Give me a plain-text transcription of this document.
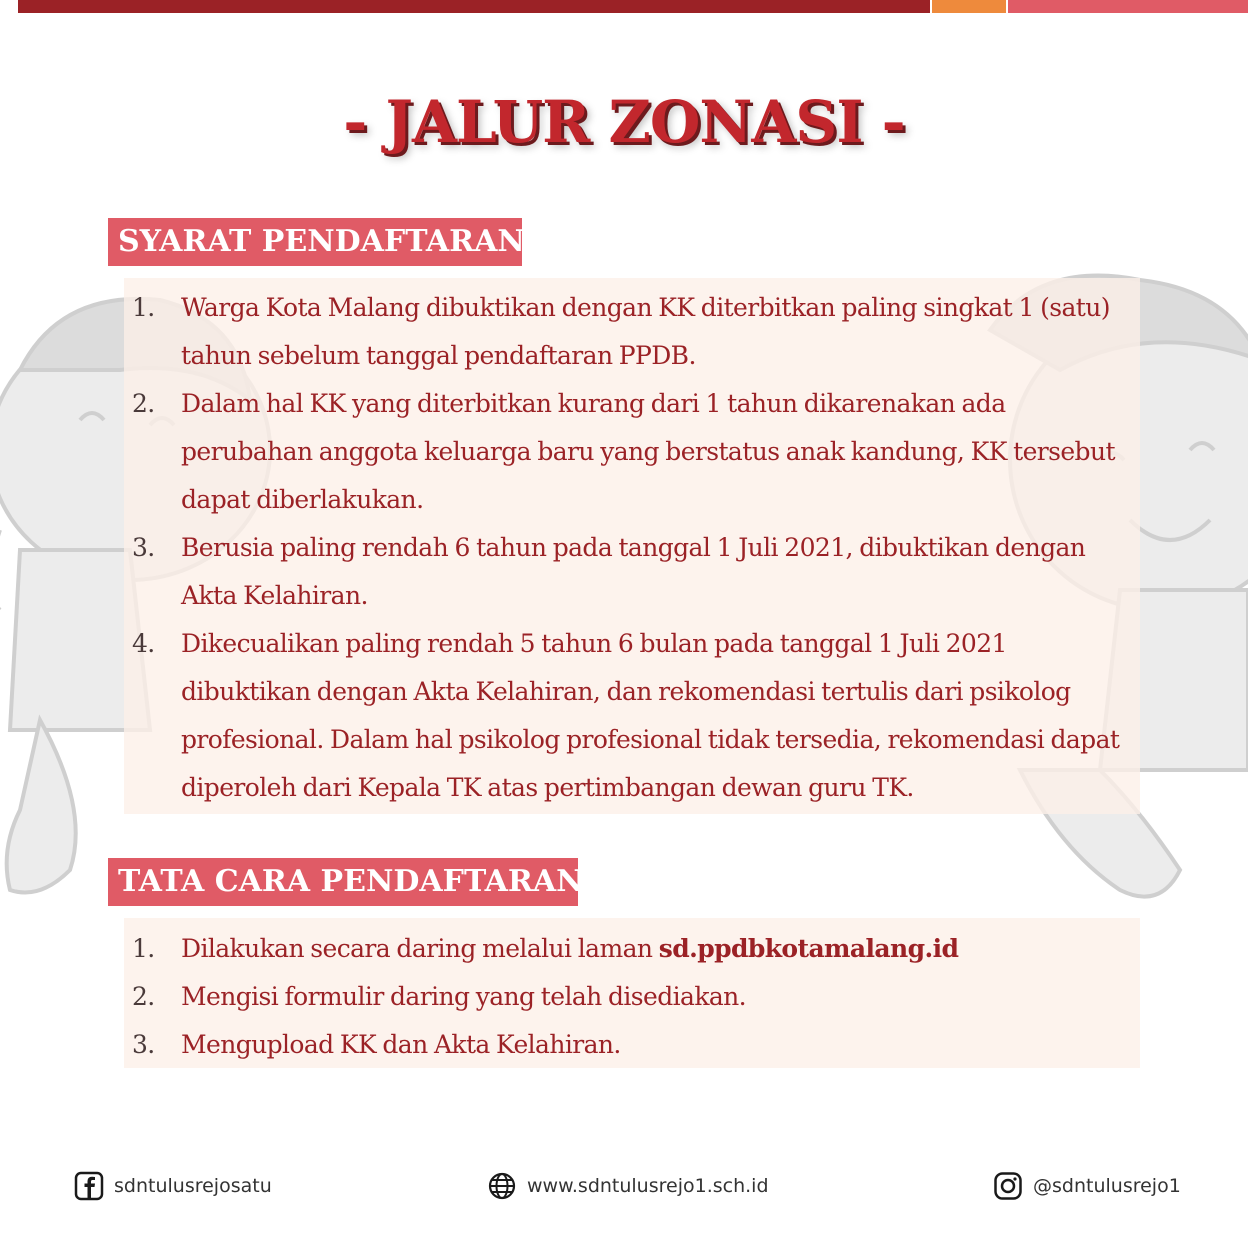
- JALUR ZONASI -
SYARAT PENDAFTARAN
1. Warga Kota Malang dibuktikan dengan KK diterbitkan paling singkat 1 (satu) tahun sebelum tanggal pendaftaran PPDB.
2. Dalam hal KK yang diterbitkan kurang dari 1 tahun dikarenakan ada perubahan anggota keluarga baru yang berstatus anak kandung, KK tersebut dapat diberlakukan.
3. Berusia paling rendah 6 tahun pada tanggal 1 Juli 2021, dibuktikan dengan Akta Kelahiran.
4. Dikecualikan paling rendah 5 tahun 6 bulan pada tanggal 1 Juli 2021 dibuktikan dengan Akta Kelahiran, dan rekomendasi tertulis dari psikolog profesional. Dalam hal psikolog profesional tidak tersedia, rekomendasi dapat diperoleh dari Kepala TK atas pertimbangan dewan guru TK.
TATA CARA PENDAFTARAN
1. Dilakukan secara daring melalui laman sd.ppdbkotamalang.id
2. Mengisi formulir daring yang telah disediakan.
3. Mengupload KK dan Akta Kelahiran.
sdntulusrejosatu	www.sdntulusrejo1.sch.id	@sdntulusrejo1
